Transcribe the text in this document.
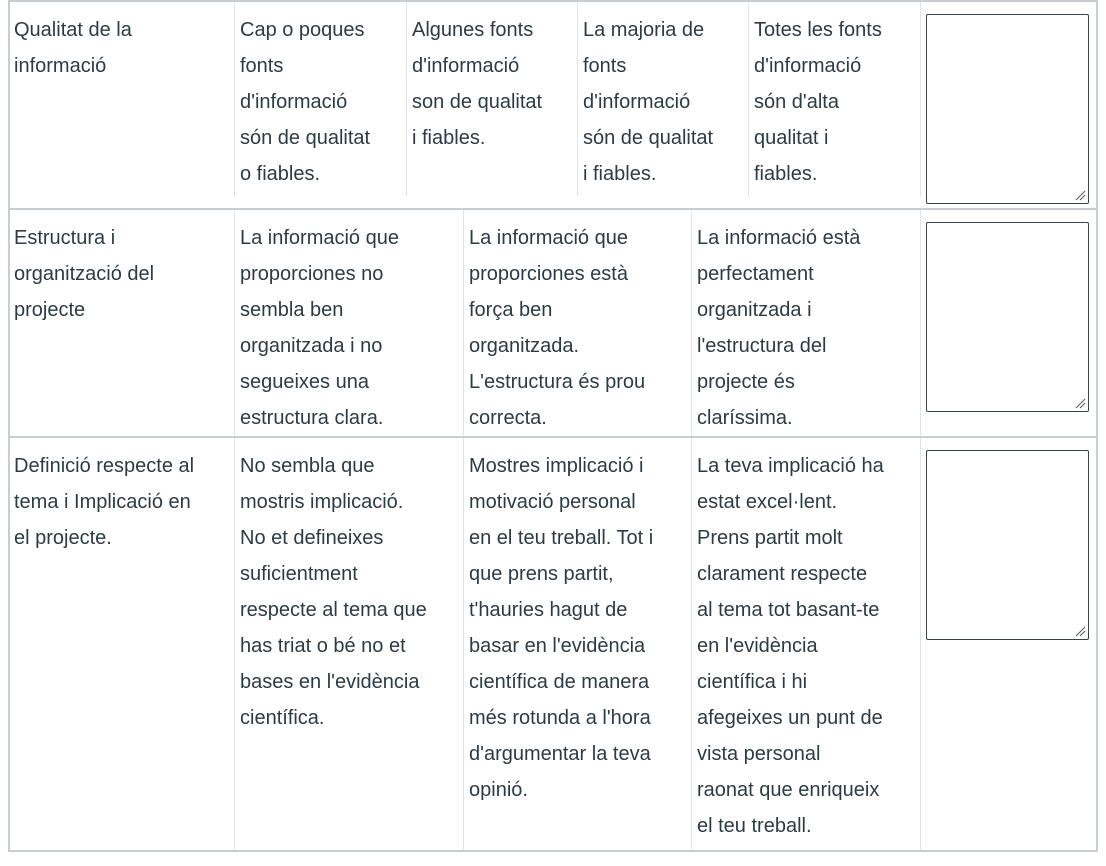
Qualitat de la
informació
Cap o poques
fonts
d'informació
són de qualitat
o fiables.
Algunes fonts
d'informació
son de qualitat
i fiables.
La majoria de
fonts
d'informació
són de qualitat
i fiables.
Totes les fonts
d'informació
són d'alta
qualitat i
fiables.
Estructura i
organització del
projecte
La informació que
proporciones no
sembla ben
organitzada i no
segueixes una
estructura clara.
La informació que
proporciones està
força ben
organitzada.
L'estructura és prou
correcta.
La informació està
perfectament
organitzada i
l'estructura del
projecte és
claríssima.
Definició respecte al
tema i Implicació en
el projecte.
No sembla que
mostris implicació.
No et defineixes
suficientment
respecte al tema que
has triat o bé no et
bases en l'evidència
científica.
Mostres implicació i
motivació personal
en el teu treball. Tot i
que prens partit,
t'hauries hagut de
basar en l'evidència
científica de manera
més rotunda a l'hora
d'argumentar la teva
opinió.
La teva implicació ha
estat excel·lent.
Prens partit molt
clarament respecte
al tema tot basant-te
en l'evidència
científica i hi
afegeixes un punt de
vista personal
raonat que enriqueix
el teu treball.
